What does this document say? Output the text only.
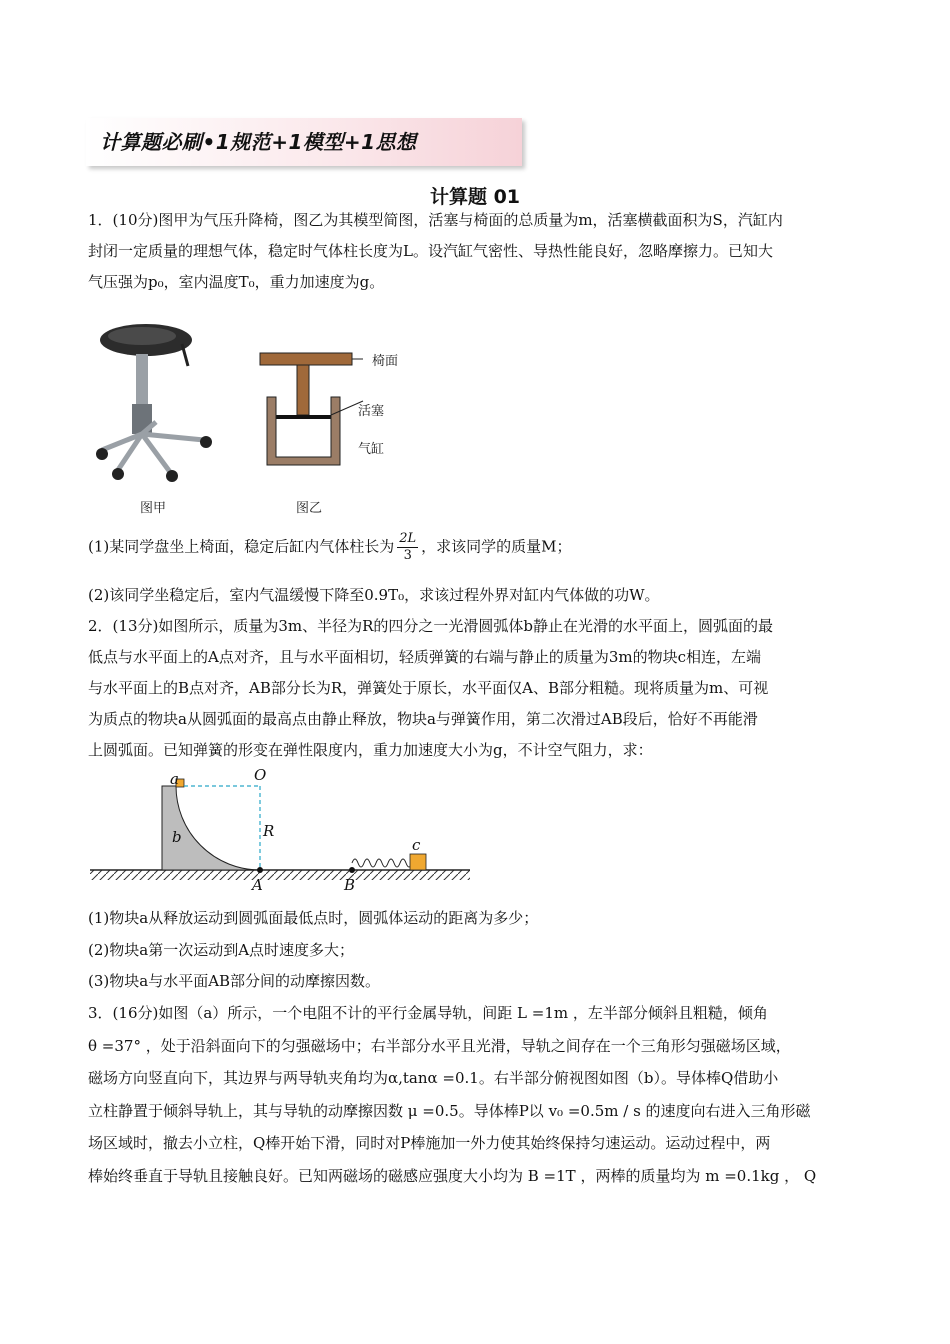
计算题必刷•1规范+1模型+1思想
计算题 01
1．(10分)图甲为气压升降椅，图乙为其模型简图，活塞与椅面的总质量为m，活塞横截面积为S，汽缸内
封闭一定质量的理想气体，稳定时气体柱长度为L。设汽缸气密性、导热性能良好，忽略摩擦力。已知大
气压强为p₀，室内温度T₀，重力加速度为g。
图甲
椅面
活塞
气缸
图乙
(1)某同学盘坐上椅面，稳定后缸内气体柱长为 $\frac{2L}{3}$ ，求该同学的质量M；
(2)该同学坐稳定后，室内气温缓慢下降至0.9T₀，求该过程外界对缸内气体做的功W。
2．(13分)如图所示，质量为3m、半径为R的四分之一光滑圆弧体b静止在光滑的水平面上，圆弧面的最
低点与水平面上的A点对齐，且与水平面相切，轻质弹簧的右端与静止的质量为3m的物块c相连，左端
与水平面上的B点对齐，AB部分长为R，弹簧处于原长，水平面仅A、B部分粗糙。现将质量为m、可视
为质点的物块a从圆弧面的最高点由静止释放，物块a与弹簧作用，第二次滑过AB段后，恰好不再能滑
上圆弧面。已知弹簧的形变在弹性限度内，重力加速度大小为g，不计空气阻力，求：
a	O
R
b	c
A	B
(1)物块a从释放运动到圆弧面最低点时，圆弧体运动的距离为多少；
(2)物块a第一次运动到A点时速度多大；
(3)物块a与水平面AB部分间的动摩擦因数。
3．(16分)如图（a）所示，一个电阻不计的平行金属导轨，间距 L =1m ，左半部分倾斜且粗糙，倾角
θ =37° ，处于沿斜面向下的匀强磁场中；右半部分水平且光滑，导轨之间存在一个三角形匀强磁场区域，
磁场方向竖直向下，其边界与两导轨夹角均为α,tanα =0.1。右半部分俯视图如图（b）。导体棒Q借助小
立柱静置于倾斜导轨上，其与导轨的动摩擦因数 μ =0.5。导体棒P以 v₀ =0.5m / s 的速度向右进入三角形磁
场区域时，撤去小立柱，Q棒开始下滑，同时对P棒施加一外力使其始终保持匀速运动。运动过程中，两
棒始终垂直于导轨且接触良好。已知两磁场的磁感应强度大小均为 B =1T ，两棒的质量均为 m =0.1kg ， Q
